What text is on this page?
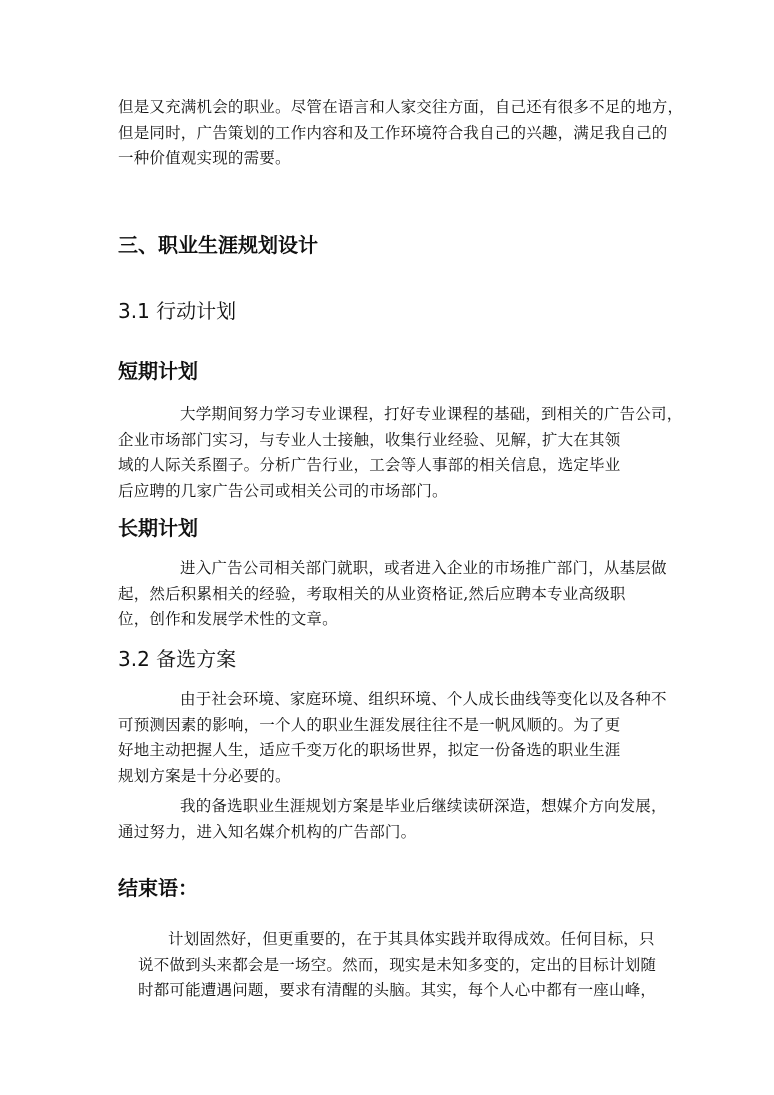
但是又充满机会的职业。尽管在语言和人家交往方面，自己还有很多不足的地方，
但是同时，广告策划的工作内容和及工作环境符合我自己的兴趣，满足我自己的
一种价值观实现的需要。
三、职业生涯规划设计
3.1 行动计划
短期计划
大学期间努力学习专业课程，打好专业课程的基础，到相关的广告公司，
企业市场部门实习，与专业人士接触，收集行业经验、见解，扩大在其领
域的人际关系圈子。分析广告行业，工会等人事部的相关信息，选定毕业
后应聘的几家广告公司或相关公司的市场部门。
长期计划
进入广告公司相关部门就职，或者进入企业的市场推广部门，从基层做
起，然后积累相关的经验，考取相关的从业资格证,然后应聘本专业高级职
位，创作和发展学术性的文章。
3.2 备选方案
由于社会环境、家庭环境、组织环境、个人成长曲线等变化以及各种不
可预测因素的影响，一个人的职业生涯发展往往不是一帆风顺的。为了更
好地主动把握人生，适应千变万化的职场世界，拟定一份备选的职业生涯
规划方案是十分必要的。
我的备选职业生涯规划方案是毕业后继续读研深造，想媒介方向发展，
通过努力，进入知名媒介机构的广告部门。
结束语：
计划固然好，但更重要的，在于其具体实践并取得成效。任何目标，只
说不做到头来都会是一场空。然而，现实是未知多变的，定出的目标计划随
时都可能遭遇问题，要求有清醒的头脑。其实，每个人心中都有一座山峰，
